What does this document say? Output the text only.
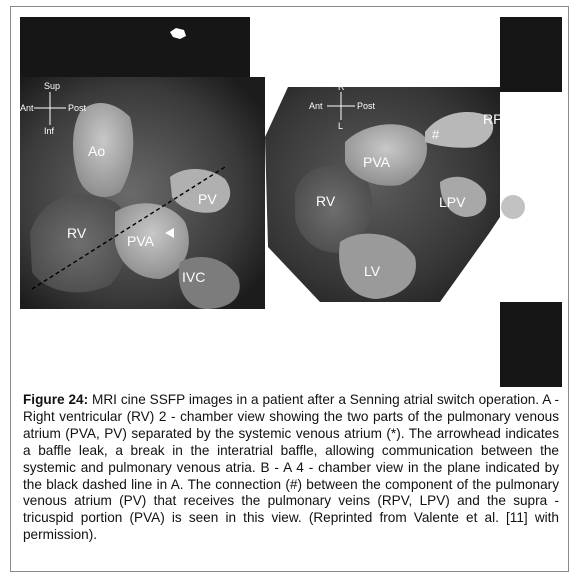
Sup
Ant	Post
Inf
Ao
RV	PVA
PV
IVC
R
Ant	Post
L	RPV
#
PVA
RV	LPV
LV

Figure 24: MRI cine SSFP images in a patient after a Senning atrial switch operation. A - Right ventricular (RV) 2 - chamber view showing the two parts of the pulmonary venous atrium (PVA, PV) separated by the systemic venous atrium (*). The arrowhead indicates a baffle leak, a break in the interatrial baffle, allowing communication between the systemic and pulmonary venous atria. B - A 4 - chamber view in the plane indicated by the black dashed line in A. The connection (#) between the component of the pulmonary venous atrium (PV) that receives the pulmonary veins (RPV, LPV) and the supra - tricuspid portion (PVA) is seen in this view. (Reprinted from Valente et al. [11] with permission).
